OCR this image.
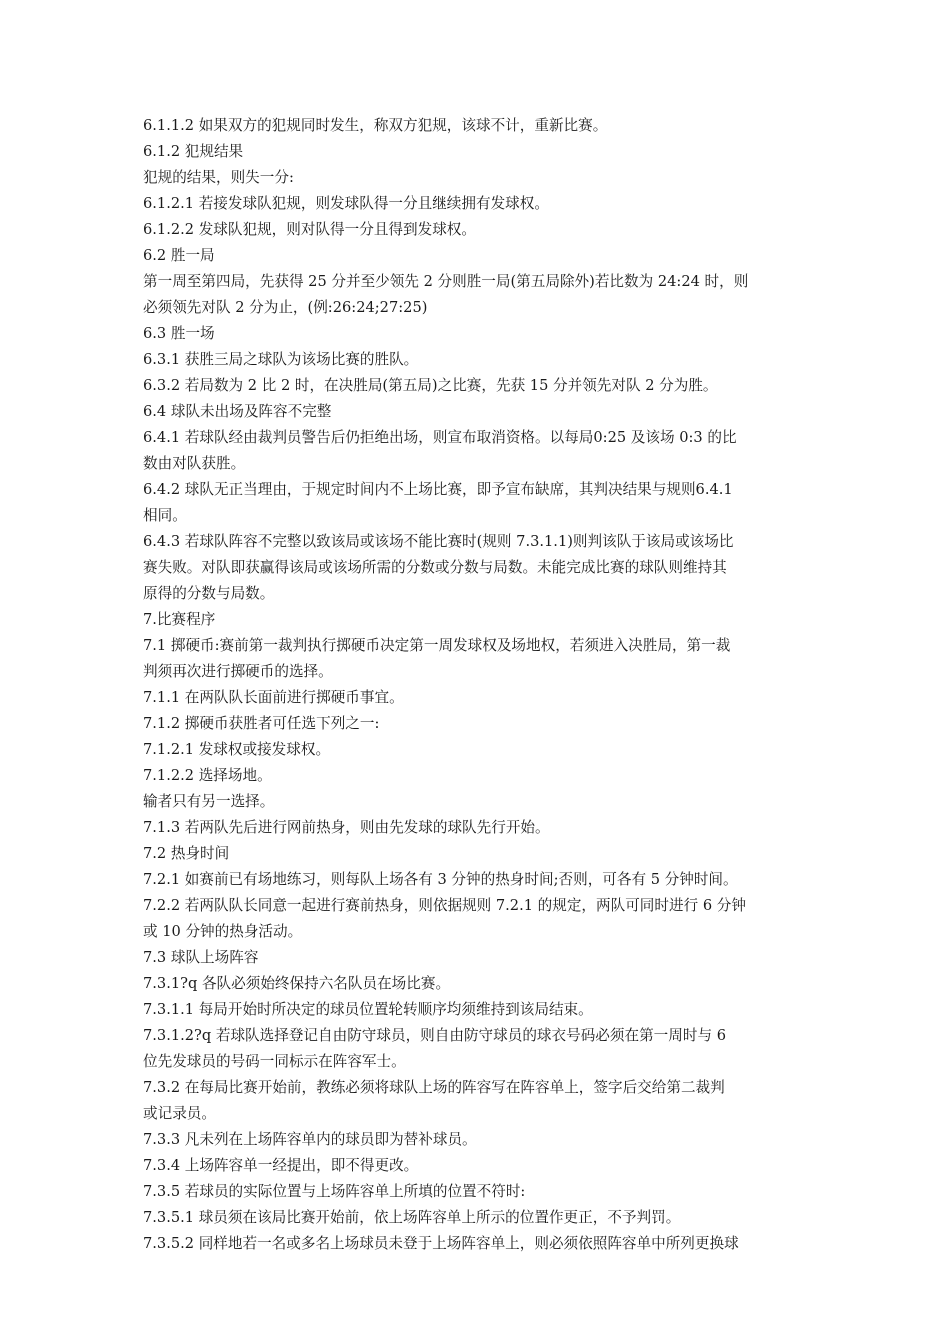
6.1.1.2 如果双方的犯规同时发生，称双方犯规，该球不计，重新比赛。
6.1.2 犯规结果
犯规的结果，则失一分:
6.1.2.1 若接发球队犯规，则发球队得一分且继续拥有发球权。
6.1.2.2 发球队犯规，则对队得一分且得到发球权。
6.2 胜一局
第一周至第四局，先获得 25 分并至少领先 2 分则胜一局(第五局除外)若比数为 24:24 时，则
必须领先对队 2 分为止，(例:26:24;27:25)
6.3 胜一场
6.3.1 获胜三局之球队为该场比赛的胜队。
6.3.2 若局数为 2 比 2 时，在决胜局(第五局)之比赛，先获 15 分并领先对队 2 分为胜。
6.4 球队未出场及阵容不完整
6.4.1 若球队经由裁判员警告后仍拒绝出场，则宣布取消资格。以每局0:25 及该场 0:3 的比
数由对队获胜。
6.4.2 球队无正当理由，于规定时间内不上场比赛，即予宣布缺席，其判决结果与规则6.4.1
相同。
6.4.3 若球队阵容不完整以致该局或该场不能比赛时(规则 7.3.1.1)则判该队于该局或该场比
赛失败。对队即获赢得该局或该场所需的分数或分数与局数。未能完成比赛的球队则维持其
原得的分数与局数。
7.比赛程序
7.1 掷硬币:赛前第一裁判执行掷硬币决定第一周发球权及场地权，若须进入决胜局，第一裁
判须再次进行掷硬币的选择。
7.1.1 在两队队长面前进行掷硬币事宜。
7.1.2 掷硬币获胜者可任选下列之一:
7.1.2.1 发球权或接发球权。
7.1.2.2 选择场地。
输者只有另一选择。
7.1.3 若两队先后进行网前热身，则由先发球的球队先行开始。
7.2 热身时间
7.2.1 如赛前已有场地练习，则每队上场各有 3 分钟的热身时间;否则，可各有 5 分钟时间。
7.2.2 若两队队长同意一起进行赛前热身，则依据规则 7.2.1 的规定，两队可同时进行 6 分钟
或 10 分钟的热身活动。
7.3 球队上场阵容
7.3.1?q 各队必须始终保持六名队员在场比赛。
7.3.1.1 每局开始时所决定的球员位置轮转顺序均须维持到该局结束。
7.3.1.2?q 若球队选择登记自由防守球员，则自由防守球员的球衣号码必须在第一周时与 6
位先发球员的号码一同标示在阵容军士。
7.3.2 在每局比赛开始前，教练必须将球队上场的阵容写在阵容单上，签字后交给第二裁判
或记录员。
7.3.3 凡未列在上场阵容单内的球员即为替补球员。
7.3.4 上场阵容单一经提出，即不得更改。
7.3.5 若球员的实际位置与上场阵容单上所填的位置不符时:
7.3.5.1 球员须在该局比赛开始前，依上场阵容单上所示的位置作更正，不予判罚。
7.3.5.2 同样地若一名或多名上场球员未登于上场阵容单上，则必须依照阵容单中所列更换球
